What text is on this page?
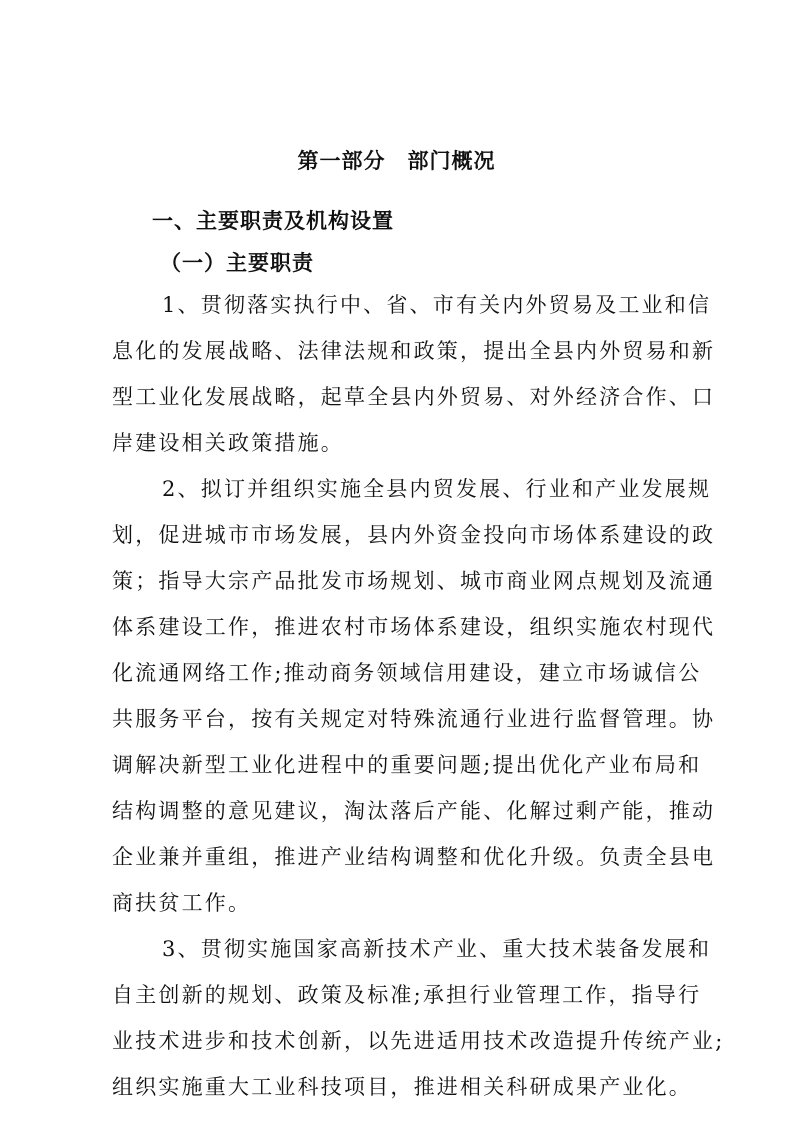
第一部分　部门概况
一、主要职责及机构设置
（一）主要职责
1、贯彻落实执行中、省、市有关内外贸易及工业和信
息化的发展战略、法律法规和政策，提出全县内外贸易和新
型工业化发展战略，起草全县内外贸易、对外经济合作、口
岸建设相关政策措施。
2、拟订并组织实施全县内贸发展、行业和产业发展规
划，促进城市市场发展，县内外资金投向市场体系建设的政
策；指导大宗产品批发市场规划、城市商业网点规划及流通
体系建设工作，推进农村市场体系建设，组织实施农村现代
化流通网络工作;推动商务领域信用建设，建立市场诚信公
共服务平台，按有关规定对特殊流通行业进行监督管理。协
调解决新型工业化进程中的重要问题;提出优化产业布局和
结构调整的意见建议，淘汰落后产能、化解过剩产能，推动
企业兼并重组，推进产业结构调整和优化升级。负责全县电
商扶贫工作。
3、贯彻实施国家高新技术产业、重大技术装备发展和
自主创新的规划、政策及标准;承担行业管理工作，指导行
业技术进步和技术创新，以先进适用技术改造提升传统产业;
组织实施重大工业科技项目，推进相关科研成果产业化。
